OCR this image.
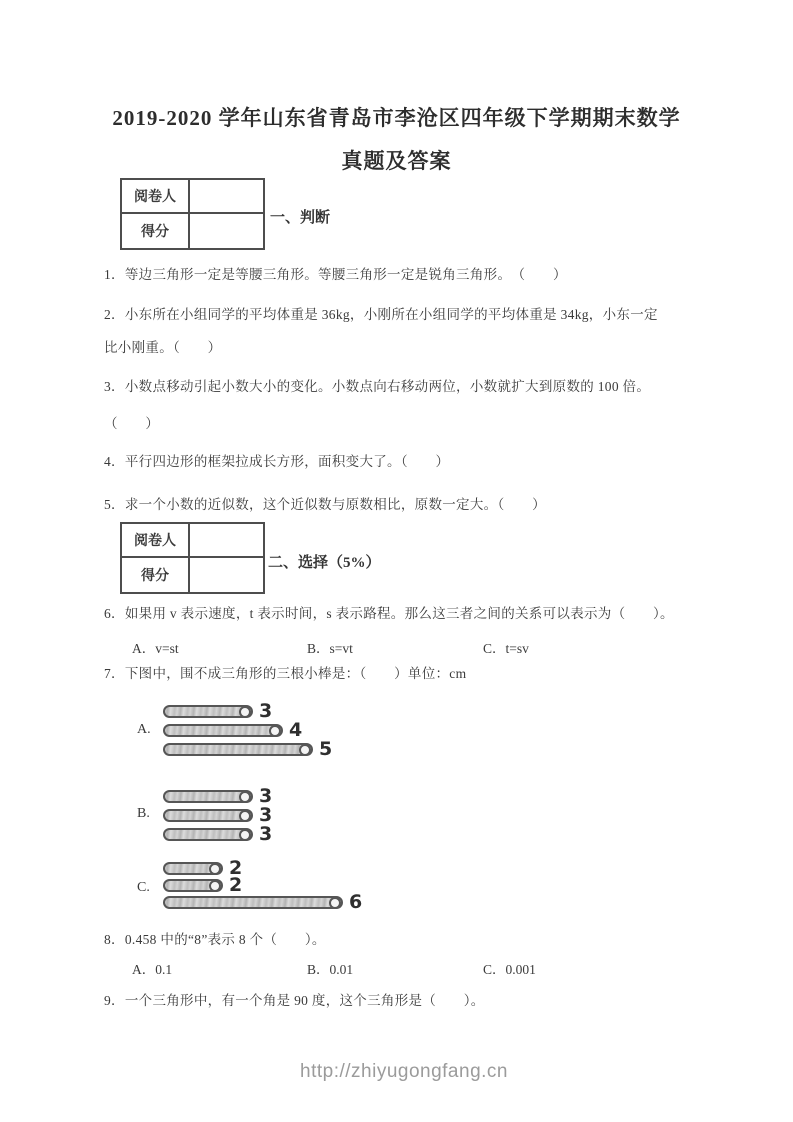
2019-2020 学年山东省青岛市李沧区四年级下学期期末数学
真题及答案
阅卷人
得分
一、判断
1．等边三角形一定是等腰三角形。等腰三角形一定是锐角三角形。　（　　）
2．小东所在小组同学的平均体重是 36kg，小刚所在小组同学的平均体重是 34kg，小东一定
比小刚重。（　　）
3．小数点移动引起小数大小的变化。小数点向右移动两位，小数就扩大到原数的 100 倍。
（　　）
4．平行四边形的框架拉成长方形，面积变大了。（　　）
5．求一个小数的近似数，这个近似数与原数相比，原数一定大。（　　）
阅卷人
得分
二、选择（5%）
6．如果用 v 表示速度，t 表示时间，s 表示路程。那么这三者之间的关系可以表示为（　　）。
A．v=st	B．s=vt	C．t=sv
7．下图中，围不成三角形的三根小棒是：（　　）单位：cm
A.
3
4
5
B.
3
3
3
C.
2
2
6
8．0.458 中的“8”表示 8 个（　　）。
A．0.1	B．0.01	C．0.001
9．一个三角形中，有一个角是 90 度，这个三角形是（　　）。
http://zhiyugongfang.cn
